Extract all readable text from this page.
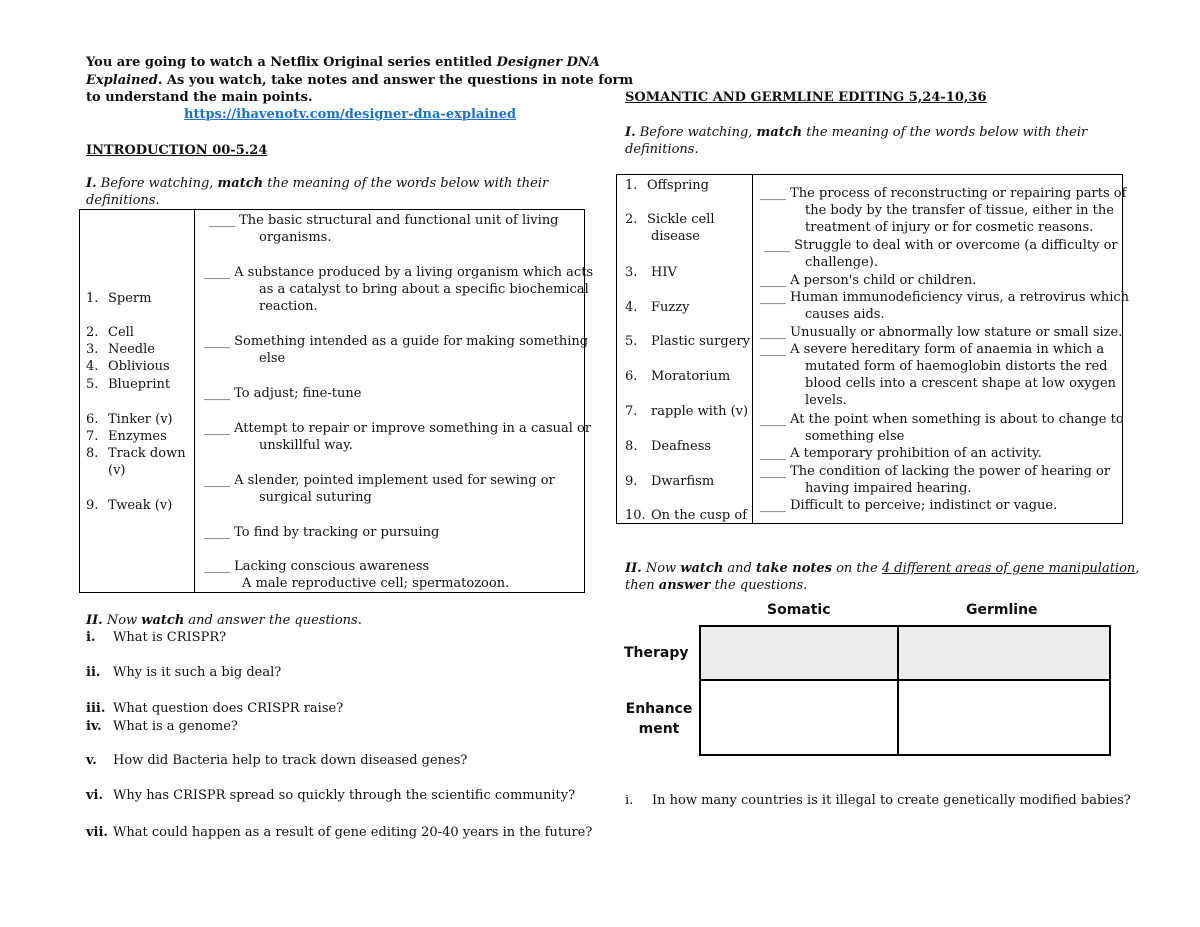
You are going to watch a Netflix Original series entitled Designer DNA
Explained. As you watch, take notes and answer the questions in note form
to understand the main points.
https://ihavenotv.com/designer-dna-explained
INTRODUCTION 00-5.24
I. Before watching, match the meaning of the words below with their
definitions.
1. Sperm
2. Cell
3. Needle
4. Oblivious
5. Blueprint
6. Tinker (v)
7. Enzymes
8. Track down
(v)
9. Tweak (v)
____ The basic structural and functional unit of living
organisms.
____ A substance produced by a living organism which acts
as a catalyst to bring about a specific biochemical
reaction.
____ Something intended as a guide for making something
else
____ To adjust; fine-tune
____ Attempt to repair or improve something in a casual or
unskillful way.
____ A slender, pointed implement used for sewing or
surgical suturing
____ To find by tracking or pursuing
____ Lacking conscious awareness
A male reproductive cell; spermatozoon.
II. Now watch and answer the questions.
i. What is CRISPR?
ii. Why is it such a big deal?
iii. What question does CRISPR raise?
iv. What is a genome?
v. How did Bacteria help to track down diseased genes?
vi. Why has CRISPR spread so quickly through the scientific community?
vii. What could happen as a result of gene editing 20-40 years in the future?
SOMANTIC AND GERMLINE EDITING 5,24-10,36
I. Before watching, match the meaning of the words below with their
definitions.
1. Offspring
2. Sickle cell
disease
3. HIV
4. Fuzzy
5. Plastic surgery
6. Moratorium
7. rapple with (v)
8. Deafness
9. Dwarfism
10. On the cusp of
____ The process of reconstructing or repairing parts of
the body by the transfer of tissue, either in the
treatment of injury or for cosmetic reasons.
____ Struggle to deal with or overcome (a difficulty or
challenge).
____ A person's child or children.
____ Human immunodeficiency virus, a retrovirus which
causes aids.
____ Unusually or abnormally low stature or small size.
____ A severe hereditary form of anaemia in which a
mutated form of haemoglobin distorts the red
blood cells into a crescent shape at low oxygen
levels.
____ At the point when something is about to change to
something else
____ A temporary prohibition of an activity.
____ The condition of lacking the power of hearing or
having impaired hearing.
____ Difficult to perceive; indistinct or vague.
II. Now watch and take notes on the 4 different areas of gene manipulation,
then answer the questions.
Somatic	Germline
Therapy
Enhance
ment
i. In how many countries is it illegal to create genetically modified babies?
